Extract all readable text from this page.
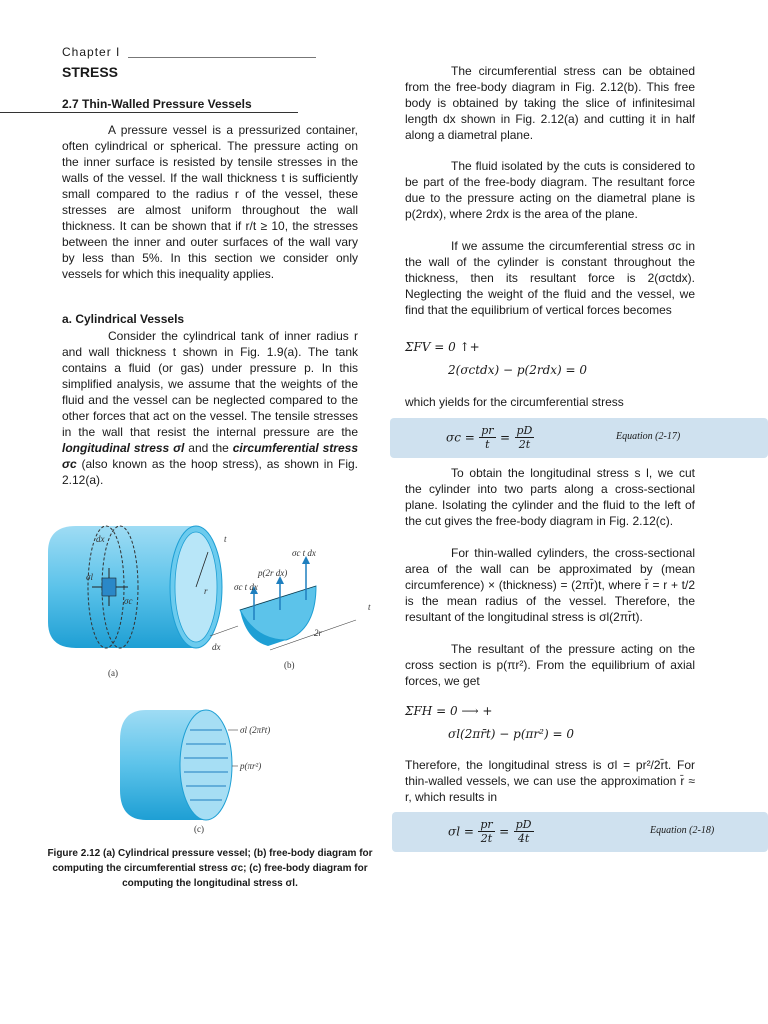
Chapter I
STRESS
2.7 Thin-Walled Pressure Vessels
A pressure vessel is a pressurized container, often cylindrical or spherical. The pressure acting on the inner surface is resisted by tensile stresses in the walls of the vessel. If the wall thickness t is sufficiently small compared to the radius r of the vessel, these stresses are almost uniform throughout the wall thickness. It can be shown that if r/t ≥ 10, the stresses between the inner and outer surfaces of the wall vary by less than 5%. In this section we consider only vessels for which this inequality applies.
a. Cylindrical Vessels
Consider the cylindrical tank of inner radius r and wall thickness t shown in Fig. 1.9(a). The tank contains a fluid (or gas) under pressure p. In this simplified analysis, we assume that the weights of the fluid and the vessel can be neglected compared to the other forces that act on the vessel. The tensile stresses in the wall that resist the internal pressure are the longitudinal stress σl and the circumferential stress σc (also known as the hoop stress), as shown in Fig. 2.12(a).
dx	t
r
σl
σc
(a)
σc t dx
p(2r dx)
σc t dx
dx
2r
t
(b)
σl (2πr̄t)
p(πr²)
(c)
Figure 2.12 (a) Cylindrical pressure vessel; (b) free-body diagram for computing the circumferential stress σc; (c) free-body diagram for computing the longitudinal stress σl.
The circumferential stress can be obtained from the free-body diagram in Fig. 2.12(b). This free body is obtained by taking the slice of infinitesimal length dx shown in Fig. 2.12(a) and cutting it in half along a diametral plane.
The fluid isolated by the cuts is considered to be part of the free-body diagram. The resultant force due to the pressure acting on the diametral plane is p(2rdx), where 2rdx is the area of the plane.
If we assume the circumferential stress σc in the wall of the cylinder is constant throughout the thickness, then its resultant force is 2(σctdx). Neglecting the weight of the fluid and the vessel, we find that the equilibrium of vertical forces becomes
ΣFV = 0 ↑+
2(σctdx) − p(2rdx) = 0
which yields for the circumferential stress
$\sigma c = \frac{pr}{t} = \frac{pD}{2t}$	Equation (2-17)
To obtain the longitudinal stress s l, we cut the cylinder into two parts along a cross-sectional plane. Isolating the cylinder and the fluid to the left of the cut gives the free-body diagram in Fig. 2.12(c).
For thin-walled cylinders, the cross-sectional area of the wall can be approximated by (mean circumference) × (thickness) = (2πr̄)t, where r̄ = r + t/2 is the mean radius of the vessel. Therefore, the resultant of the longitudinal stress is σl(2πr̄t).
The resultant of the pressure acting on the cross section is p(πr²). From the equilibrium of axial forces, we get
ΣFH = 0 ⟶ +
σl(2πr̄t) − p(πr²) = 0
Therefore, the longitudinal stress is σl = pr²/2r̄t. For thin-walled vessels, we can use the approximation r̄ ≈ r, which results in
$\sigma l = \frac{pr}{2t} = \frac{pD}{4t}$	Equation (2-18)
